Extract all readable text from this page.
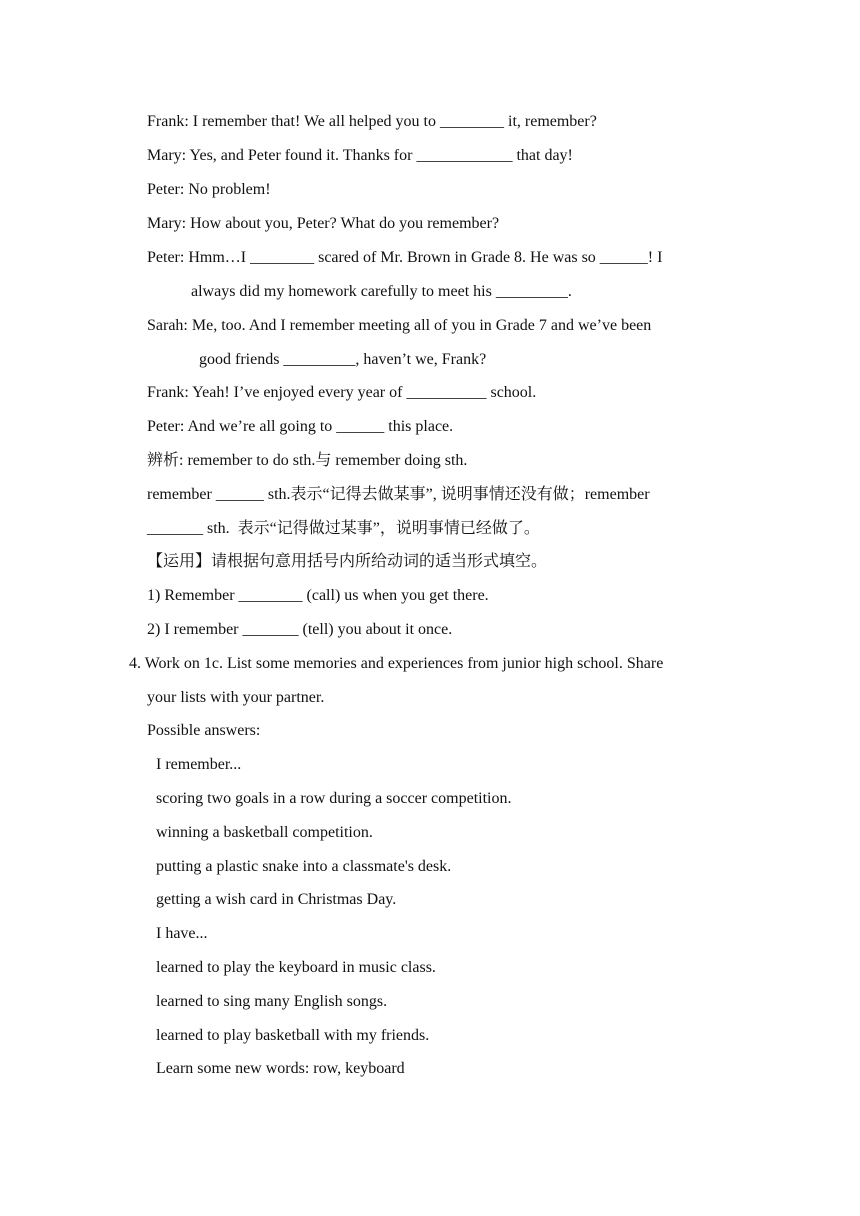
Frank: I remember that! We all helped you to ________ it, remember?
Mary: Yes, and Peter found it. Thanks for ____________ that day!
Peter: No problem!
Mary: How about you, Peter? What do you remember?
Peter: Hmm…I ________ scared of Mr. Brown in Grade 8. He was so ______! I
always did my homework carefully to meet his _________.
Sarah: Me, too. And I remember meeting all of you in Grade 7 and we’ve been
good friends _________, haven’t we, Frank?
Frank: Yeah! I’ve enjoyed every year of __________ school.
Peter: And we’re all going to ______ this place.
辨析: remember to do sth.与 remember doing sth.
remember ______ sth.表示“记得去做某事”, 说明事情还没有做；remember
_______ sth.  表示“记得做过某事”，说明事情已经做了。
【运用】请根据句意用括号内所给动词的适当形式填空。
1) Remember ________ (call) us when you get there.
2) I remember _______ (tell) you about it once.
4. Work on 1c. List some memories and experiences from junior high school. Share
your lists with your partner.
Possible answers:
I remember...
scoring two goals in a row during a soccer competition.
winning a basketball competition.
putting a plastic snake into a classmate's desk.
getting a wish card in Christmas Day.
I have...
learned to play the keyboard in music class.
learned to sing many English songs.
learned to play basketball with my friends.
Learn some new words: row, keyboard
